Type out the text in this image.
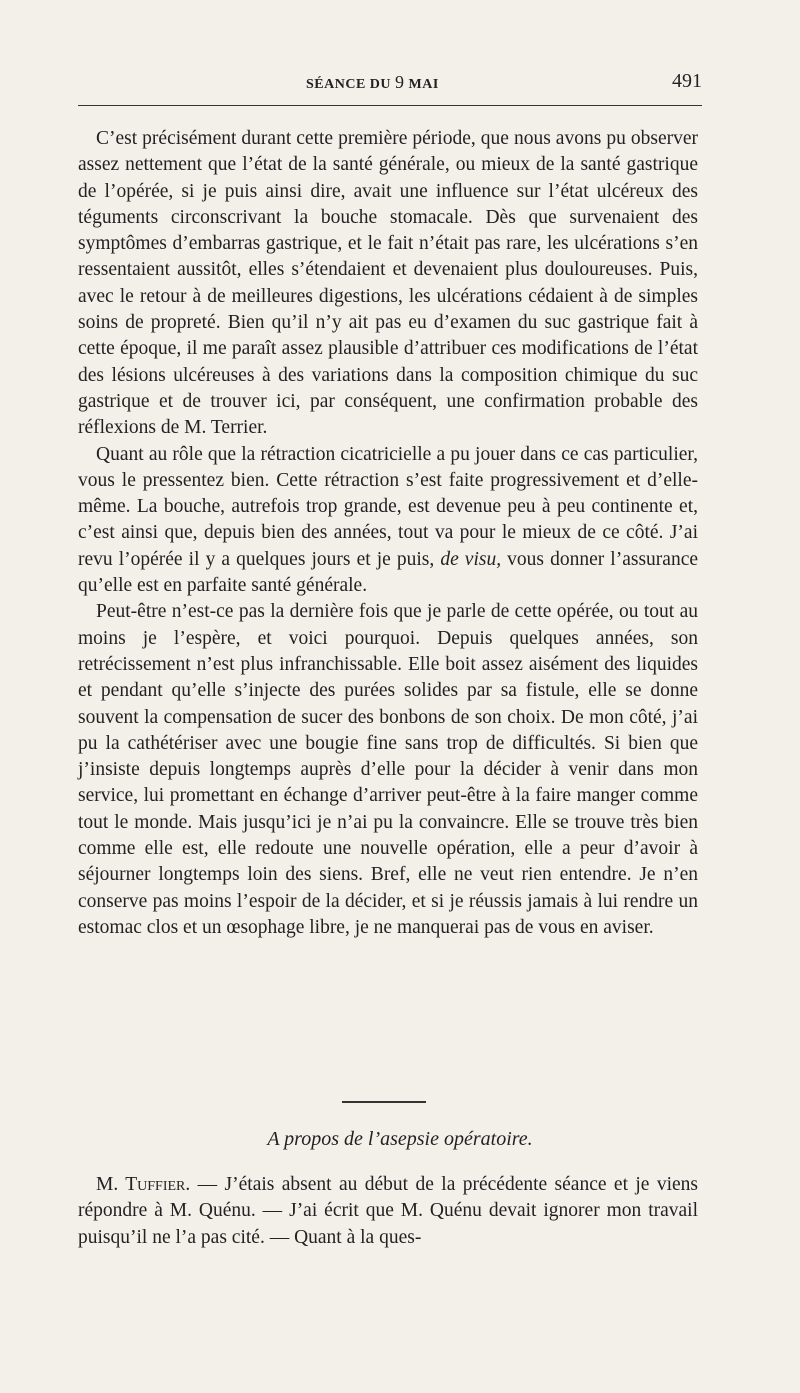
SÉANCE DU 9 MAI	491

C’est précisément durant cette première période, que nous avons pu observer assez nettement que l’état de la santé générale, ou mieux de la santé gastrique de l’opérée, si je puis ainsi dire, avait une influence sur l’état ulcéreux des téguments circonscrivant la bouche stomacale. Dès que survenaient des symptômes d’embarras gastrique, et le fait n’était pas rare, les ulcérations s’en ressentaient aussitôt, elles s’étendaient et devenaient plus douloureuses. Puis, avec le retour à de meilleures digestions, les ulcérations cédaient à de simples soins de propreté. Bien qu’il n’y ait pas eu d’examen du suc gastrique fait à cette époque, il me paraît assez plausible d’attribuer ces modifications de l’état des lésions ulcéreuses à des variations dans la composition chimique du suc gastrique et de trouver ici, par conséquent, une confirmation probable des réflexions de M. Terrier.

Quant au rôle que la rétraction cicatricielle a pu jouer dans ce cas particulier, vous le pressentez bien. Cette rétraction s’est faite progressivement et d’elle-même. La bouche, autrefois trop grande, est devenue peu à peu continente et, c’est ainsi que, depuis bien des années, tout va pour le mieux de ce côté. J’ai revu l’opérée il y a quelques jours et je puis, de visu, vous donner l’assurance qu’elle est en parfaite santé générale.

Peut-être n’est-ce pas la dernière fois que je parle de cette opérée, ou tout au moins je l’espère, et voici pourquoi. Depuis quelques années, son retrécissement n’est plus infranchissable. Elle boit assez aisément des liquides et pendant qu’elle s’injecte des purées solides par sa fistule, elle se donne souvent la compensation de sucer des bonbons de son choix. De mon côté, j’ai pu la cathétériser avec une bougie fine sans trop de difficultés. Si bien que j’insiste depuis longtemps auprès d’elle pour la décider à venir dans mon service, lui promettant en échange d’arriver peut-être à la faire manger comme tout le monde. Mais jusqu’ici je n’ai pu la convaincre. Elle se trouve très bien comme elle est, elle redoute une nouvelle opération, elle a peur d’avoir à séjourner longtemps loin des siens. Bref, elle ne veut rien entendre. Je n’en conserve pas moins l’espoir de la décider, et si je réussis jamais à lui rendre un estomac clos et un œsophage libre, je ne manquerai pas de vous en aviser.

A propos de l’asepsie opératoire.

M. Tuffier. — J’étais absent au début de la précédente séance et je viens répondre à M. Quénu. — J’ai écrit que M. Quénu devait ignorer mon travail puisqu’il ne l’a pas cité. — Quant à la ques-
